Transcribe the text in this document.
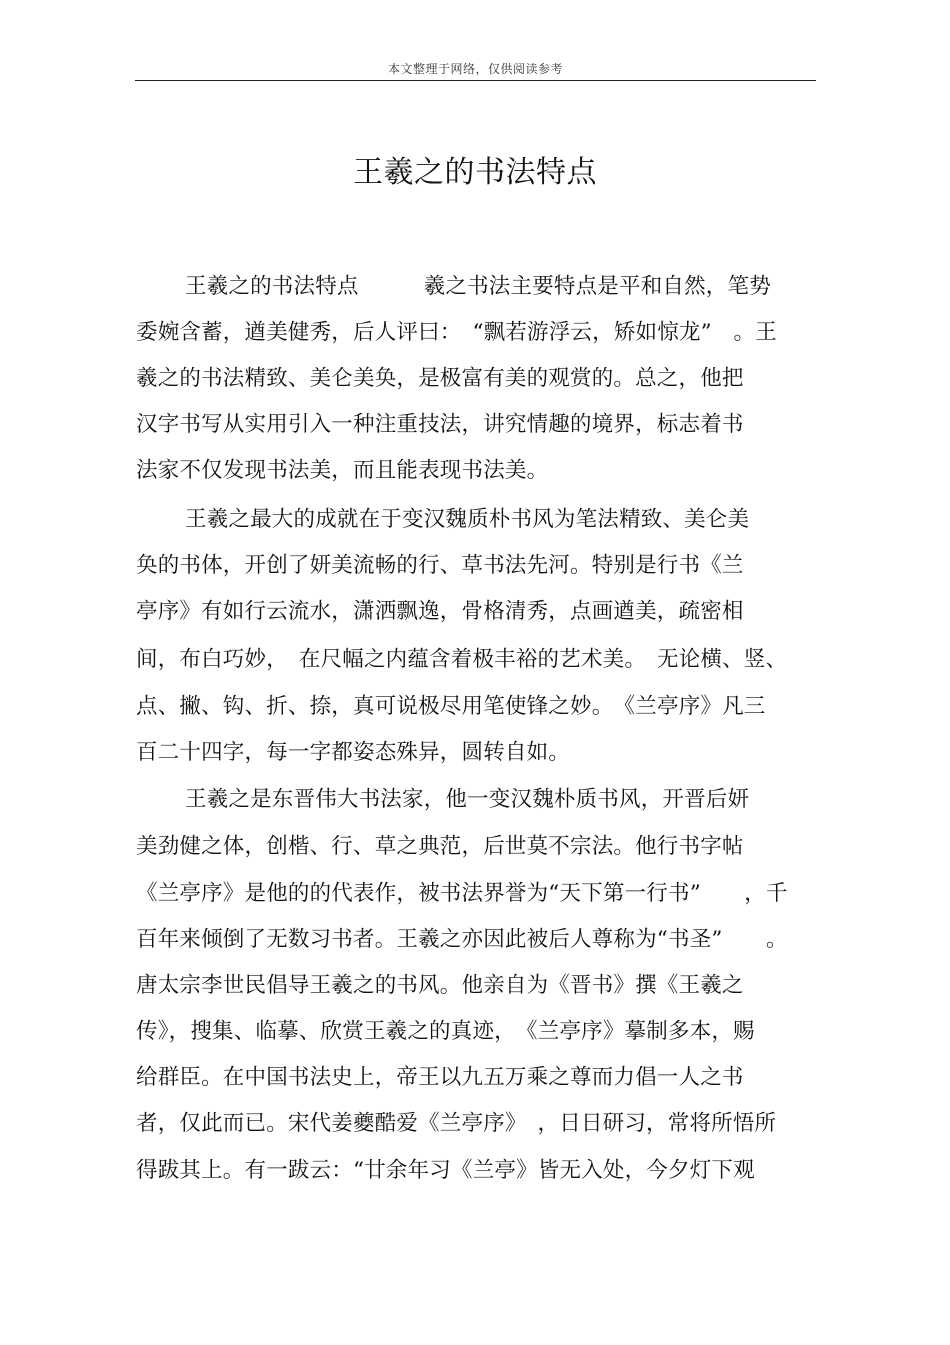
本文整理于网络，仅供阅读参考
王羲之的书法特点
王羲之的书法特点　　　羲之书法主要特点是平和自然，笔势
委婉含蓄，遒美健秀，后人评曰：　“飘若游浮云，矫如惊龙”　。王
羲之的书法精致、美仑美奂，是极富有美的观赏的。总之，他把
汉字书写从实用引入一种注重技法，讲究情趣的境界，标志着书
法家不仅发现书法美，而且能表现书法美。
王羲之最大的成就在于变汉魏质朴书风为笔法精致、美仑美
奂的书体，开创了妍美流畅的行、草书法先河。特别是行书《兰
亭序》有如行云流水，潇洒飘逸，骨格清秀，点画遒美，疏密相
间，布白巧妙，　在尺幅之内蕴含着极丰裕的艺术美。　无论横、竖、
点、撇、钩、折、捺，真可说极尽用笔使锋之妙。　《兰亭序》凡三
百二十四字，每一字都姿态殊异，圆转自如。
王羲之是东晋伟大书法家，他一变汉魏朴质书风，开晋后妍
美劲健之体，创楷、行、草之典范，后世莫不宗法。他行书字帖
《兰亭序》是他的的代表作，被书法界誉为“天下第一行书”　　，千
百年来倾倒了无数习书者。王羲之亦因此被后人尊称为“书圣”　　。
唐太宗李世民倡导王羲之的书风。他亲自为《晋书》撰《王羲之
传》，搜集、临摹、欣赏王羲之的真迹，　《兰亭序》摹制多本，赐
给群臣。在中国书法史上，帝王以九五万乘之尊而力倡一人之书
者，仅此而已。宋代姜夔酷爱《兰亭序》　，日日研习，常将所悟所
得跋其上。有一跋云：“廿余年习《兰亭》皆无入处，今夕灯下观
